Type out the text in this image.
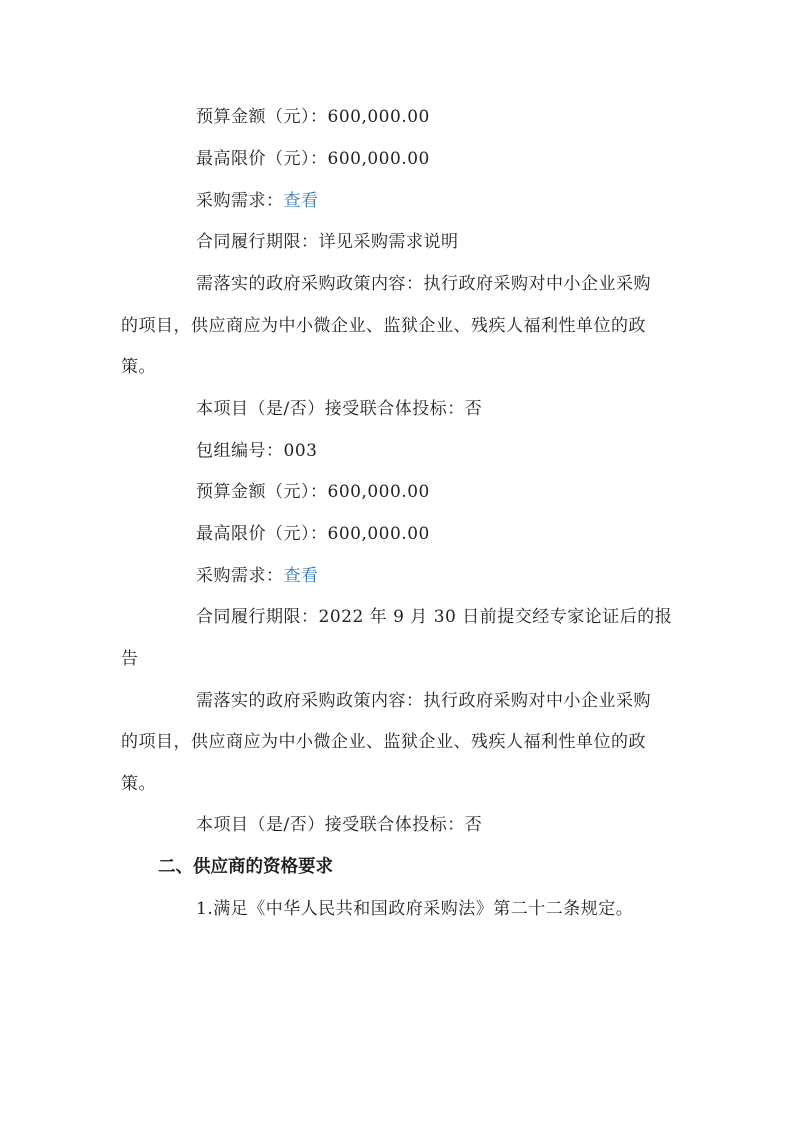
预算金额（元）：600,000.00
最高限价（元）：600,000.00
采购需求：查看
合同履行期限：详见采购需求说明
需落实的政府采购政策内容：执行政府采购对中小企业采购
的项目，供应商应为中小微企业、监狱企业、残疾人福利性单位的政
策。
本项目（是/否）接受联合体投标：否
包组编号：003
预算金额（元）：600,000.00
最高限价（元）：600,000.00
采购需求：查看
合同履行期限：2022 年 9 月 30 日前提交经专家论证后的报
告
需落实的政府采购政策内容：执行政府采购对中小企业采购
的项目，供应商应为中小微企业、监狱企业、残疾人福利性单位的政
策。
本项目（是/否）接受联合体投标：否
二、供应商的资格要求
1.满足《中华人民共和国政府采购法》第二十二条规定。
